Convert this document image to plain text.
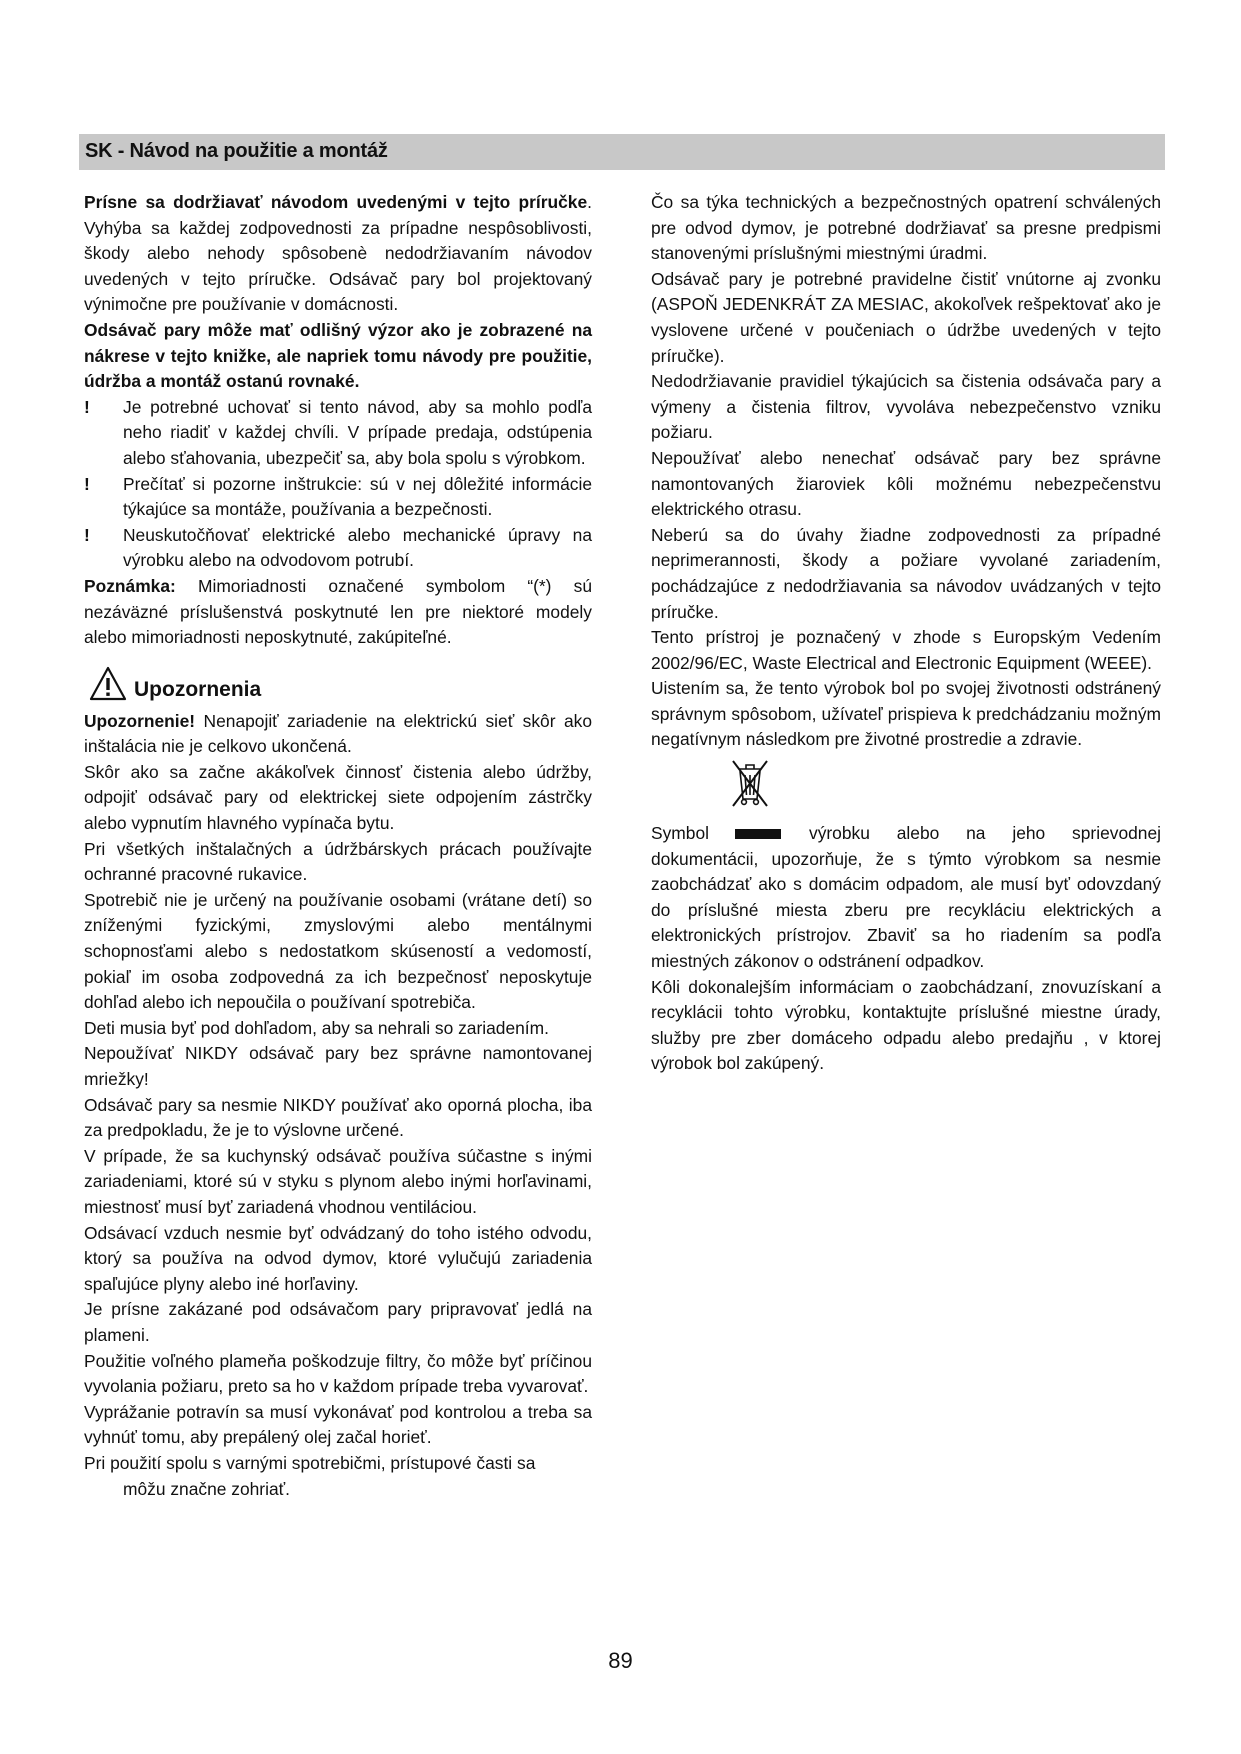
SK - Návod na použitie a montáž

Prísne sa dodržiavať návodom uvedenými v tejto príručke. Vyhýba sa každej zodpovednosti za prípadne nespôsoblivosti, škody alebo nehody spôsobenè nedodržiavaním návodov uvedených v tejto príručke. Odsávač pary bol projektovaný výnimočne pre používanie v domácnosti.

Odsávač pary môže mať odlišný výzor ako je zobrazené na nákrese v tejto knižke, ale napriek tomu návody pre použitie, údržba a montáž ostanú rovnaké.

! Je potrebné uchovať si tento návod, aby sa mohlo podľa neho riadiť v každej chvíli. V prípade predaja, odstúpenia alebo sťahovania, ubezpečiť sa, aby bola spolu s výrobkom.

! Prečítať si pozorne inštrukcie: sú v nej dôležité informácie týkajúce sa montáže, používania a bezpečnosti.

! Neuskutočňovať elektrické alebo mechanické úpravy na výrobku alebo na odvodovom potrubí.

Poznámka: Mimoriadnosti označené symbolom “(*) sú nezáväzné príslušenstvá poskytnuté len pre niektoré modely alebo mimoriadnosti neposkytnuté, zakúpiteľné.

Upozornenia

Upozornenie! Nenapojiť zariadenie na elektrickú sieť skôr ako inštalácia nie je celkovo ukončená.

Skôr ako sa začne akákoľvek činnosť čistenia alebo údržby, odpojiť odsávač pary od elektrickej siete odpojením zástrčky alebo vypnutím hlavného vypínača bytu.

Pri všetkých inštalačných a údržbárskych prácach používajte ochranné pracovné rukavice.

Spotrebič nie je určený na používanie osobami (vrátane detí) so zníženými fyzickými, zmyslovými alebo mentálnymi schopnosťami alebo s nedostatkom skúseností a vedomostí, pokiaľ im osoba zodpovedná za ich bezpečnosť neposkytuje dohľad alebo ich nepoučila o používaní spotrebiča.

Deti musia byť pod dohľadom, aby sa nehrali so zariadením.

Nepoužívať NIKDY odsávač pary bez správne namontovanej mriežky!

Odsávač pary sa nesmie NIKDY používať ako oporná plocha, iba za predpokladu, že je to výslovne určené.

V prípade, že sa kuchynský odsávač používa súčastne s inými zariadeniami, ktoré sú v styku s plynom alebo inými horľavinami, miestnosť musí byť zariadená vhodnou ventiláciou.

Odsávací vzduch nesmie byť odvádzaný do toho istého odvodu, ktorý sa používa na odvod dymov, ktoré vylučujú zariadenia spaľujúce plyny alebo iné horľaviny.

Je prísne zakázané pod odsávačom pary pripravovať jedlá na plameni.

Použitie voľného plameňa poškodzuje filtry, čo môže byť príčinou vyvolania požiaru, preto sa ho v každom prípade treba vyvarovať.

Vyprážanie potravín sa musí vykonávať pod kontrolou a treba sa vyhnúť tomu, aby prepálený olej začal horieť.

Pri použití spolu s varnými spotrebičmi, prístupové časti sa

môžu značne zohriať.

Čo sa týka technických a bezpečnostných opatrení schválených pre odvod dymov, je potrebné dodržiavať sa presne predpismi stanovenými príslušnými miestnými úradmi.

Odsávač pary je potrebné pravidelne čistiť vnútorne aj zvonku (ASPOŇ JEDENKRÁT ZA MESIAC, akokoľvek rešpektovať ako je vyslovene určené v poučeniach o údržbe uvedených v tejto príručke).

Nedodržiavanie pravidiel týkajúcich sa čistenia odsávača pary a výmeny a čistenia filtrov, vyvoláva nebezpečenstvo vzniku požiaru.

Nepoužívať alebo nenechať odsávač pary bez správne namontovaných žiaroviek kôli možnému nebezpečenstvu elektrického otrasu.

Neberú sa do úvahy žiadne zodpovednosti za prípadné neprimerannosti, škody a požiare vyvolané zariadením, pochádzajúce z nedodržiavania sa návodov uvádzaných v tejto príručke.

Tento prístroj je poznačený v zhode s Europským Vedením 2002/96/EC, Waste Electrical and Electronic Equipment (WEEE).

Uistením sa, že tento výrobok bol po svojej životnosti odstránený správnym spôsobom, užívateľ prispieva k predchádzaniu možným negatívnym následkom pre životné prostredie a zdravie.

Symbol	výrobku alebo na jeho sprievodnej dokumentácii, upozorňuje, že s týmto výrobkom sa nesmie zaobchádzať ako s domácim odpadom, ale musí byť odovzdaný do príslušné miesta zberu pre recykláciu elektrických a elektronických prístrojov. Zbaviť sa ho riadením sa podľa miestných zákonov o odstránení odpadkov.

Kôli dokonalejším informáciam o zaobchádzaní, znovuzískaní a recyklácii tohto výrobku, kontaktujte príslušné miestne úrady, služby pre zber domáceho odpadu alebo predajňu , v ktorej výrobok bol zakúpený.

89
